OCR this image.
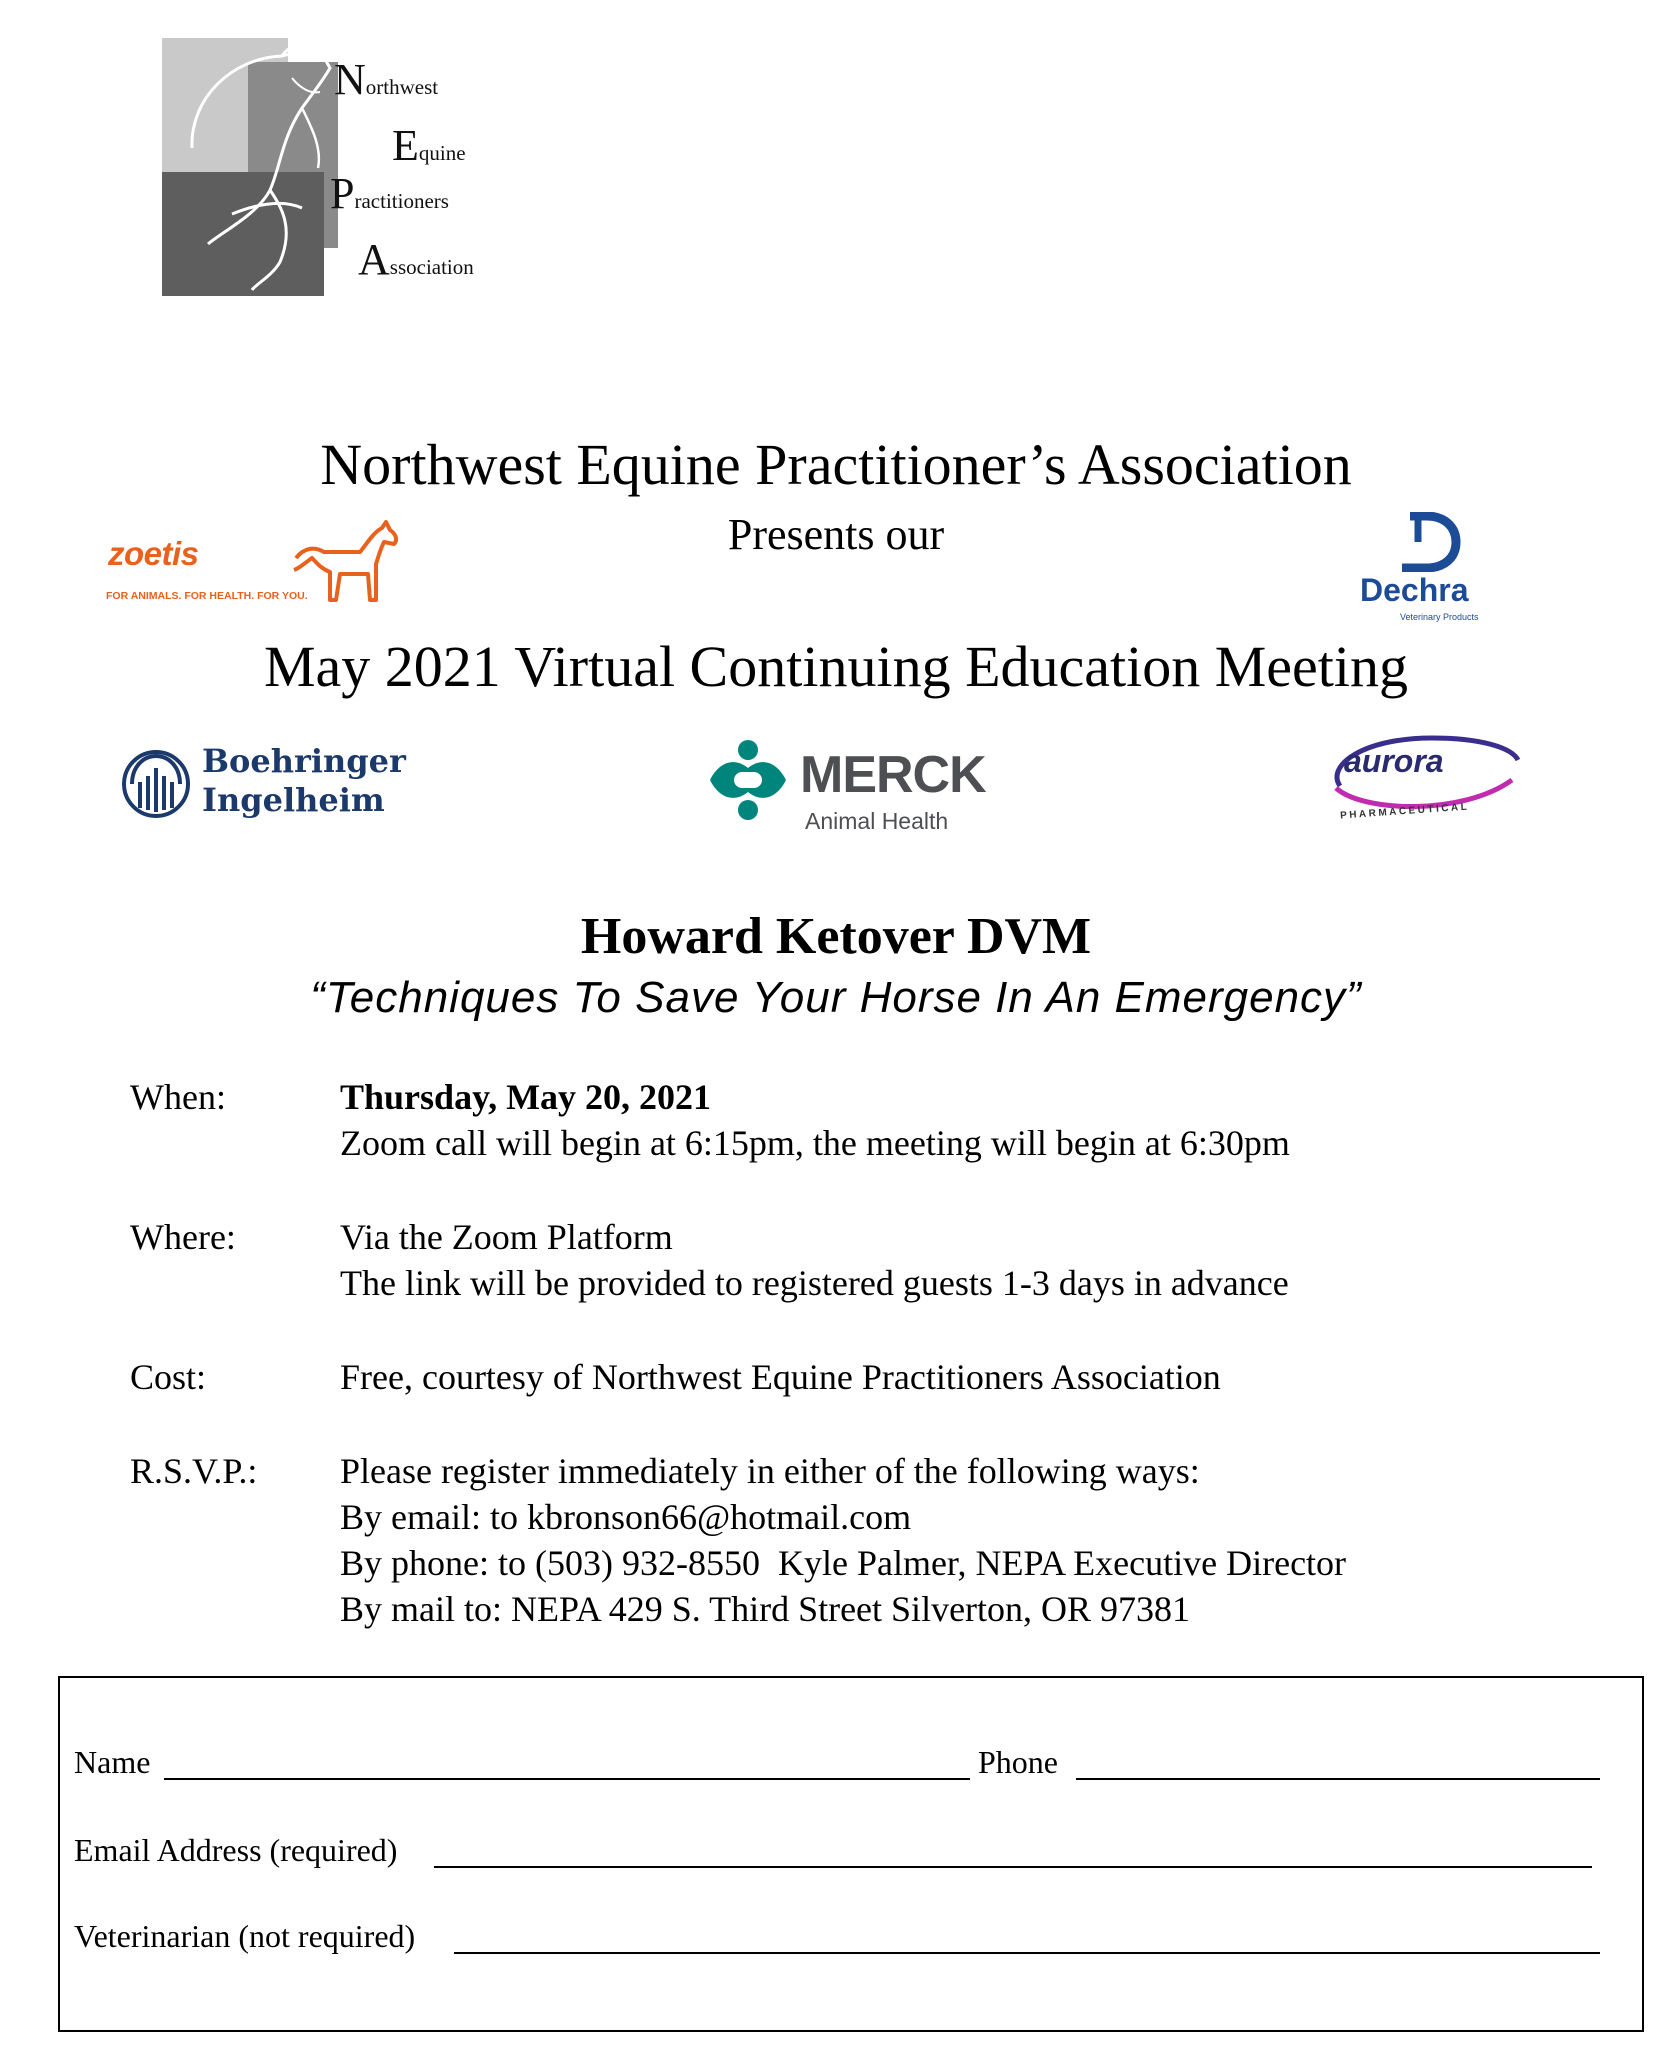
Northwest
Equine
Practitioners
Association
Northwest Equine Practitioner’s Association
Presents our
May 2021 Virtual Continuing Education Meeting
zoetis
FOR ANIMALS. FOR HEALTH. FOR YOU.	Dechra
Veterinary Products
Boehringer
Ingelheim	MERCK
Animal Health
aurora
PHARMACEUTICAL
Howard Ketover DVM
“Techniques To Save Your Horse In An Emergency”
When:	Thursday, May 20, 2021
Zoom call will begin at 6:15pm, the meeting will begin at 6:30pm
Where:	Via the Zoom Platform
The link will be provided to registered guests 1-3 days in advance
Cost:	Free, courtesy of Northwest Equine Practitioners Association
R.S.V.P.: Please register immediately in either of the following ways:
By email: to kbronson66@hotmail.com
By phone: to (503) 932-8550  Kyle Palmer, NEPA Executive Director
By mail to: NEPA 429 S. Third Street Silverton, OR 97381
Name	Phone
Email Address (required)
Veterinarian (not required)
